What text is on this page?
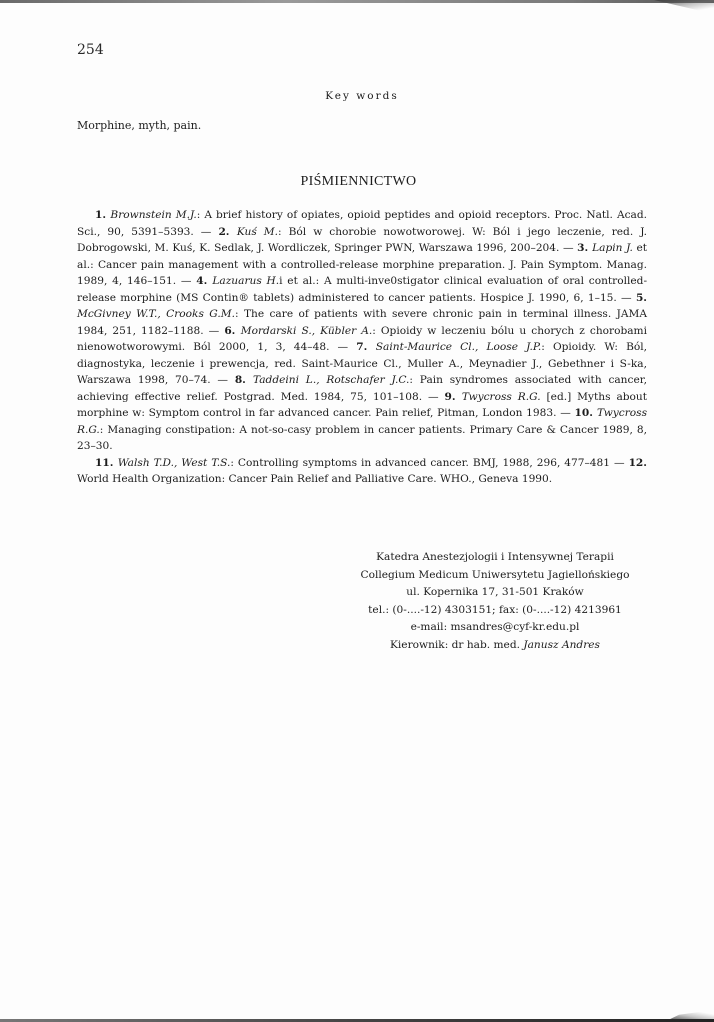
254
Key words
Morphine, myth, pain.
PIŚMIENNICTWO

1. Brownstein M.J.: A brief history of opiates, opioid peptides and opioid receptors. Proc. Natl. Acad. Sci., 90, 5391–5393. — 2. Kuś M.: Ból w chorobie nowotworowej. W: Ból i jego leczenie, red. J. Dobrogowski, M. Kuś, K. Sedlak, J. Wordliczek, Springer PWN, Warszawa 1996, 200–204. — 3. Lapin J. et al.: Cancer pain management with a controlled-release morphine preparation. J. Pain Symptom. Manag. 1989, 4, 146–151. — 4. Lazuarus H.i et al.: A multi-inve0stigator clinical evaluation of oral controlled-release morphine (MS Contin® tablets) administered to cancer patients. Hospice J. 1990, 6, 1–15. — 5. McGivney W.T., Crooks G.M.: The care of patients with severe chronic pain in terminal illness. JAMA 1984, 251, 1182–1188. — 6. Mordarski S., Kübler A.: Opioidy w leczeniu bólu u chorych z chorobami nienowotworowymi. Ból 2000, 1, 3, 44–48. — 7. Saint-Maurice Cl., Loose J.P.: Opioidy. W: Ból, diagnostyka, leczenie i prewencja, red. Saint-Maurice Cl., Muller A., Meynadier J., Gebethner i S-ka, Warszawa 1998, 70–74. — 8. Taddeini L., Rotschafer J.C.: Pain syndromes associated with cancer, achieving effective relief. Postgrad. Med. 1984, 75, 101–108. — 9. Twycross R.G. [ed.] Myths about morphine w: Symptom control in far advanced cancer. Pain relief, Pitman, London 1983. — 10. Twycross R.G.: Managing constipation: A not-so-casy problem in cancer patients. Primary Care & Cancer 1989, 8, 23–30.

11. Walsh T.D., West T.S.: Controlling symptoms in advanced cancer. BMJ, 1988, 296, 477–481 — 12. World Health Organization: Cancer Pain Relief and Palliative Care. WHO., Geneva 1990.

Katedra Anestezjologii i Intensywnej Terapii
Collegium Medicum Uniwersytetu Jagiellońskiego
ul. Kopernika 17, 31-501 Kraków
tel.: (0-....-12) 4303151; fax: (0-....-12) 4213961
e-mail: msandres@cyf-kr.edu.pl
Kierownik: dr hab. med. Janusz Andres
